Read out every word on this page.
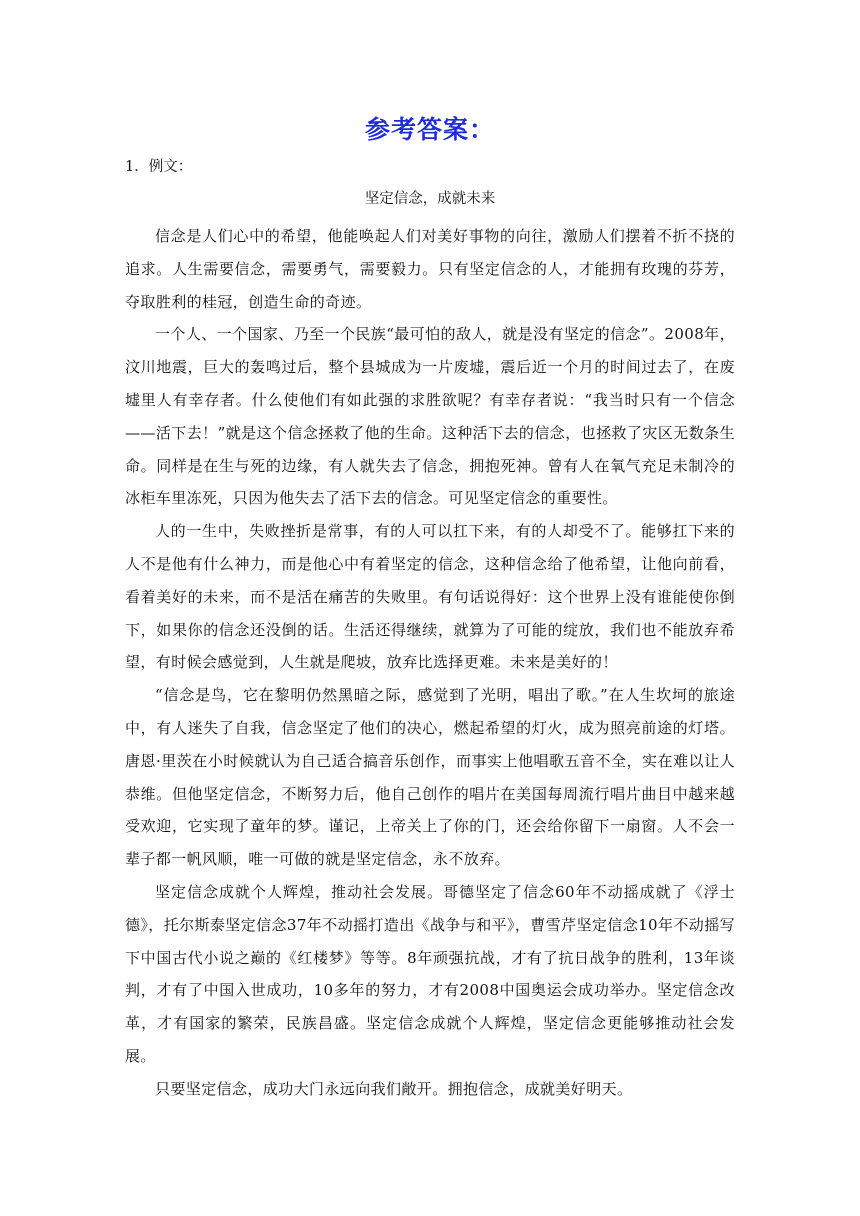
参考答案：

1．例文：

坚定信念，成就未来

信念是人们心中的希望，他能唤起人们对美好事物的向往，激励人们摆着不折不挠的追求。人生需要信念，需要勇气，需要毅力。只有坚定信念的人，才能拥有玫瑰的芬芳，夺取胜利的桂冠，创造生命的奇迹。

一个人、一个国家、乃至一个民族“最可怕的敌人，就是没有坚定的信念”。2008年，汶川地震，巨大的轰鸣过后，整个县城成为一片废墟，震后近一个月的时间过去了，在废墟里人有幸存者。什么使他们有如此强的求胜欲呢？有幸存者说：“我当时只有一个信念——活下去！”就是这个信念拯救了他的生命。这种活下去的信念，也拯救了灾区无数条生命。同样是在生与死的边缘，有人就失去了信念，拥抱死神。曾有人在氧气充足未制冷的冰柜车里冻死，只因为他失去了活下去的信念。可见坚定信念的重要性。

人的一生中，失败挫折是常事，有的人可以扛下来，有的人却受不了。能够扛下来的人不是他有什么神力，而是他心中有着坚定的信念，这种信念给了他希望，让他向前看，看着美好的未来，而不是活在痛苦的失败里。有句话说得好：这个世界上没有谁能使你倒下，如果你的信念还没倒的话。生活还得继续，就算为了可能的绽放，我们也不能放弃希望，有时候会感觉到，人生就是爬坡，放弃比选择更难。未来是美好的！

“信念是鸟，它在黎明仍然黑暗之际，感觉到了光明，唱出了歌。”在人生坎坷的旅途中，有人迷失了自我，信念坚定了他们的决心，燃起希望的灯火，成为照亮前途的灯塔。唐恩·里茨在小时候就认为自己适合搞音乐创作，而事实上他唱歌五音不全，实在难以让人恭维。但他坚定信念，不断努力后，他自己创作的唱片在美国每周流行唱片曲目中越来越受欢迎，它实现了童年的梦。谨记，上帝关上了你的门，还会给你留下一扇窗。人不会一辈子都一帆风顺，唯一可做的就是坚定信念，永不放弃。

坚定信念成就个人辉煌，推动社会发展。哥德坚定了信念60年不动摇成就了《浮士德》，托尔斯泰坚定信念37年不动摇打造出《战争与和平》，曹雪芹坚定信念10年不动摇写下中国古代小说之巅的《红楼梦》等等。8年顽强抗战，才有了抗日战争的胜利，13年谈判，才有了中国入世成功，10多年的努力，才有2008中国奥运会成功举办。坚定信念改革，才有国家的繁荣，民族昌盛。坚定信念成就个人辉煌，坚定信念更能够推动社会发展。

只要坚定信念，成功大门永远向我们敞开。拥抱信念，成就美好明天。
